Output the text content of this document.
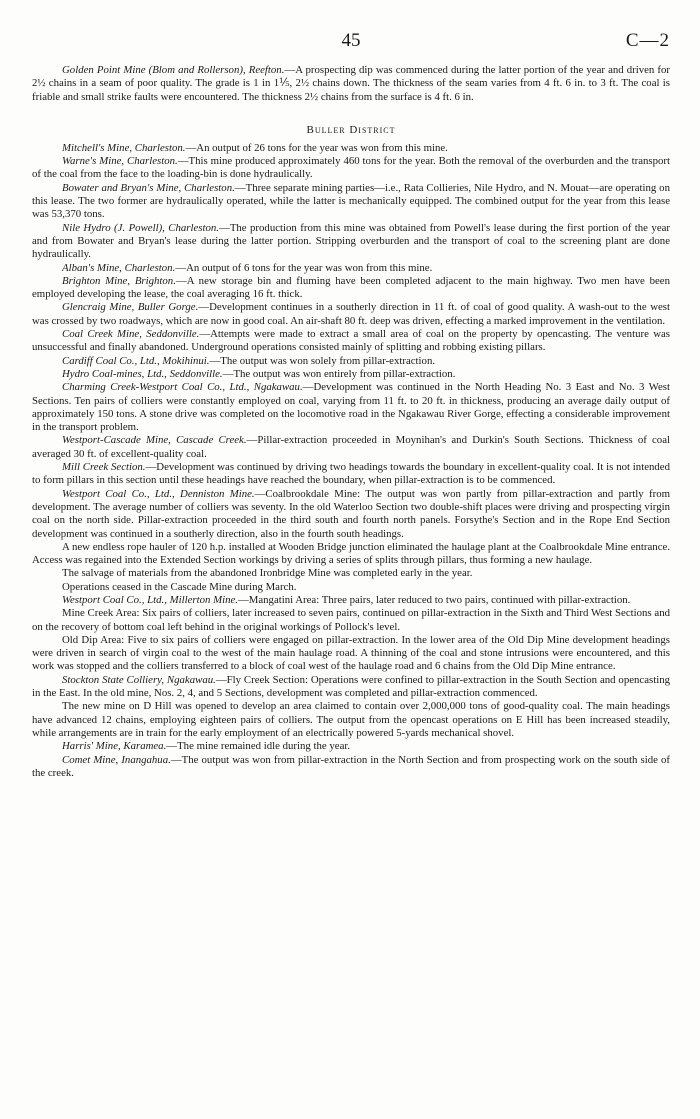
45	C—2

Golden Point Mine (Blom and Rollerson), Reefton.—A prospecting dip was commenced during the latter portion of the year and driven for 2½ chains in a seam of poor quality. The grade is 1 in 1⅕, 2½ chains down. The thickness of the seam varies from 4 ft. 6 in. to 3 ft. The coal is friable and small strike faults were encountered. The thickness 2½ chains from the surface is 4 ft. 6 in.

Buller District

Mitchell's Mine, Charleston.—An output of 26 tons for the year was won from this mine.

Warne's Mine, Charleston.—This mine produced approximately 460 tons for the year. Both the removal of the overburden and the transport of the coal from the face to the loading-bin is done hydraulically.

Bowater and Bryan's Mine, Charleston.—Three separate mining parties—i.e., Rata Collieries, Nile Hydro, and N. Mouat—are operating on this lease. The two former are hydraulically operated, while the latter is mechanically equipped. The combined output for the year from this lease was 53,370 tons.

Nile Hydro (J. Powell), Charleston.—The production from this mine was obtained from Powell's lease during the first portion of the year and from Bowater and Bryan's lease during the latter portion. Stripping overburden and the transport of coal to the screening plant are done hydraulically.

Alban's Mine, Charleston.—An output of 6 tons for the year was won from this mine.

Brighton Mine, Brighton.—A new storage bin and fluming have been completed adjacent to the main highway. Two men have been employed developing the lease, the coal averaging 16 ft. thick.

Glencraig Mine, Buller Gorge.—Development continues in a southerly direction in 11 ft. of coal of good quality. A wash-out to the west was crossed by two roadways, which are now in good coal. An air-shaft 80 ft. deep was driven, effecting a marked improvement in the ventilation.

Coal Creek Mine, Seddonville.—Attempts were made to extract a small area of coal on the property by opencasting. The venture was unsuccessful and finally abandoned. Underground operations consisted mainly of splitting and robbing existing pillars.

Cardiff Coal Co., Ltd., Mokihinui.—The output was won solely from pillar-extraction.

Hydro Coal-mines, Ltd., Seddonville.—The output was won entirely from pillar-extraction.

Charming Creek-Westport Coal Co., Ltd., Ngakawau.—Development was continued in the North Heading No. 3 East and No. 3 West Sections. Ten pairs of colliers were constantly employed on coal, varying from 11 ft. to 20 ft. in thickness, producing an average daily output of approximately 150 tons. A stone drive was completed on the locomotive road in the Ngakawau River Gorge, effecting a considerable improvement in the transport problem.

Westport-Cascade Mine, Cascade Creek.—Pillar-extraction proceeded in Moynihan's and Durkin's South Sections. Thickness of coal averaged 30 ft. of excellent-quality coal.

Mill Creek Section.—Development was continued by driving two headings towards the boundary in excellent-quality coal. It is not intended to form pillars in this section until these headings have reached the boundary, when pillar-extraction is to be commenced.

Westport Coal Co., Ltd., Denniston Mine.—Coalbrookdale Mine: The output was won partly from pillar-extraction and partly from development. The average number of colliers was seventy. In the old Waterloo Section two double-shift places were driving and prospecting virgin coal on the north side. Pillar-extraction proceeded in the third south and fourth north panels. Forsythe's Section and in the Rope End Section development was continued in a southerly direction, also in the fourth south headings.

A new endless rope hauler of 120 h.p. installed at Wooden Bridge junction eliminated the haulage plant at the Coalbrookdale Mine entrance. Access was regained into the Extended Section workings by driving a series of splits through pillars, thus forming a new haulage.

The salvage of materials from the abandoned Ironbridge Mine was completed early in the year.

Operations ceased in the Cascade Mine during March.

Westport Coal Co., Ltd., Millerton Mine.—Mangatini Area: Three pairs, later reduced to two pairs, continued with pillar-extraction.

Mine Creek Area: Six pairs of colliers, later increased to seven pairs, continued on pillar-extraction in the Sixth and Third West Sections and on the recovery of bottom coal left behind in the original workings of Pollock's level.

Old Dip Area: Five to six pairs of colliers were engaged on pillar-extraction. In the lower area of the Old Dip Mine development headings were driven in search of virgin coal to the west of the main haulage road. A thinning of the coal and stone intrusions were encountered, and this work was stopped and the colliers transferred to a block of coal west of the haulage road and 6 chains from the Old Dip Mine entrance.

Stockton State Colliery, Ngakawau.—Fly Creek Section: Operations were confined to pillar-extraction in the South Section and opencasting in the East. In the old mine, Nos. 2, 4, and 5 Sections, development was completed and pillar-extraction commenced.

The new mine on D Hill was opened to develop an area claimed to contain over 2,000,000 tons of good-quality coal. The main headings have advanced 12 chains, employing eighteen pairs of colliers. The output from the opencast operations on E Hill has been increased steadily, while arrangements are in train for the early employment of an electrically powered 5-yards mechanical shovel.

Harris' Mine, Karamea.—The mine remained idle during the year.

Comet Mine, Inangahua.—The output was won from pillar-extraction in the North Section and from prospecting work on the south side of the creek.
